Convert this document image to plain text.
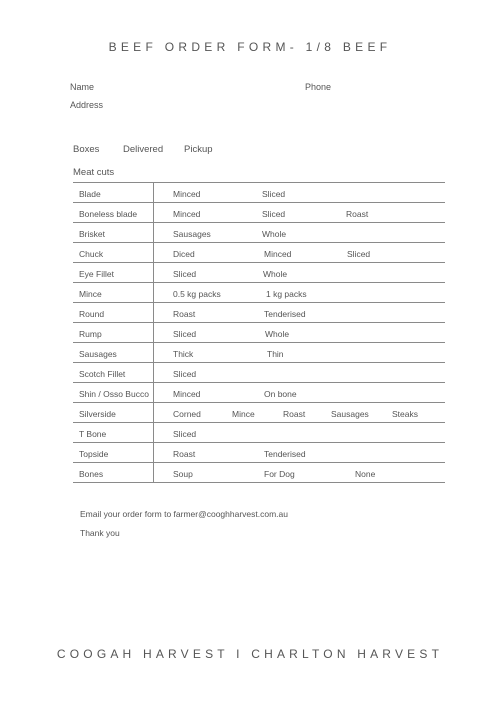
BEEF ORDER FORM- 1/8 BEEF
Name	Phone
Address
Boxes Delivered Pickup
Meat cuts
Blade	Minced	Sliced
Boneless blade	Minced	Sliced	Roast
Brisket	Sausages	Whole
Chuck	Diced	Minced	Sliced
Eye Fillet	Sliced	Whole
Mince	0.5 kg packs	1 kg packs
Round	Roast	Tenderised
Rump	Sliced	Whole
Sausages	Thick	Thin
Scotch Fillet	Sliced
Shin / Osso Bucco	Minced	On bone
Silverside	Corned	Mince	Roast	Sausages	Steaks
T Bone	Sliced
Topside	Roast	Tenderised
Bones	Soup	For Dog	None
Email your order form to farmer@cooghharvest.com.au
Thank you
COOGAH HARVEST I CHARLTON HARVEST
